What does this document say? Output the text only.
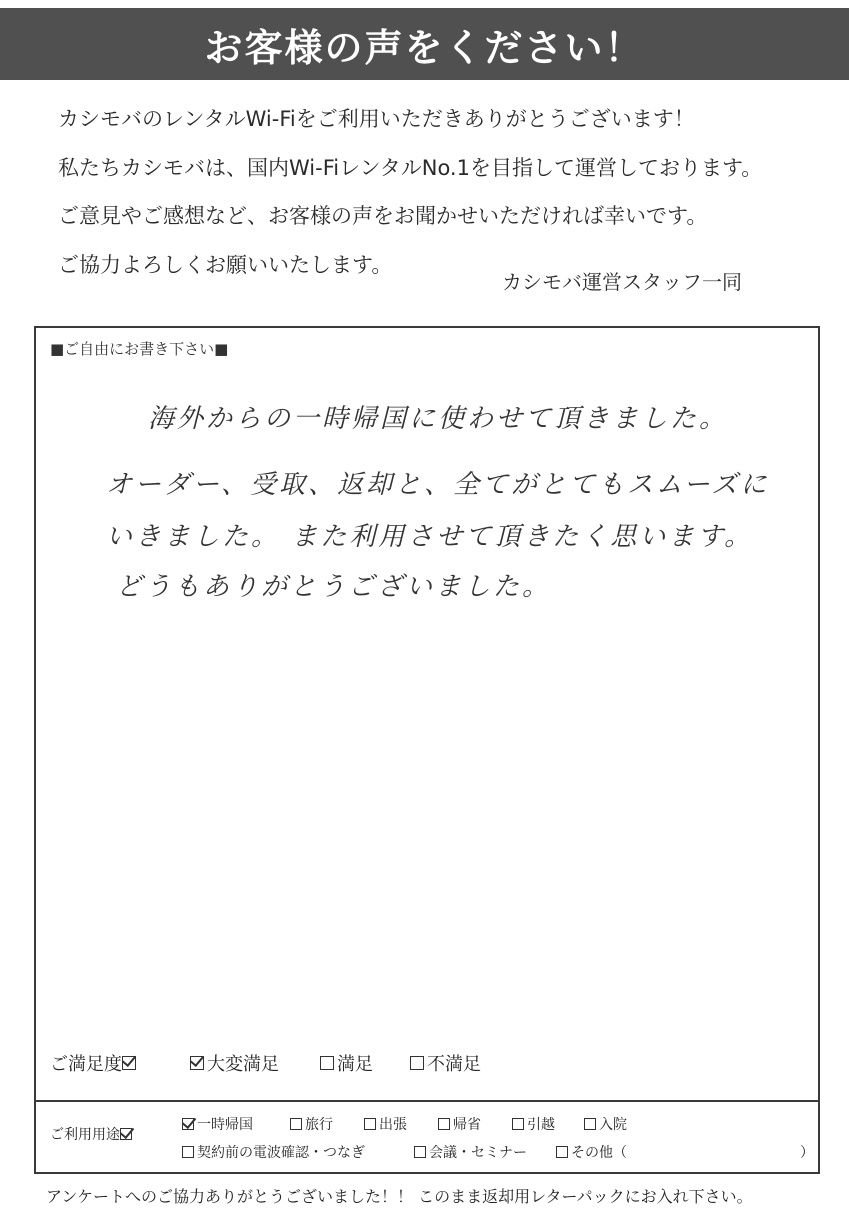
お客様の声をください！

カシモバのレンタルWi-Fiをご利用いただきありがとうございます！

私たちカシモバは、国内Wi-FiレンタルNo.1を目指して運営しております。

ご意見やご感想など、お客様の声をお聞かせいただければ幸いです。

ご協力よろしくお願いいたします。

カシモバ運営スタッフ一同
■ご自由にお書き下さい■
海外からの一時帰国に使わせて頂きました。
オーダー、受取、返却と、全てがとてもスムーズに
いきました。 また利用させて頂きたく思います。
どうもありがとうございました。
ご満足度	大変満足	満足	不満足
ご利用用途
一時帰国	旅行	出張	帰省	引越	入院
契約前の電波確認・つなぎ	会議・セミナー	その他（	）
アンケートへのご協力ありがとうございました！！ このまま返却用レターパックにお入れ下さい。
